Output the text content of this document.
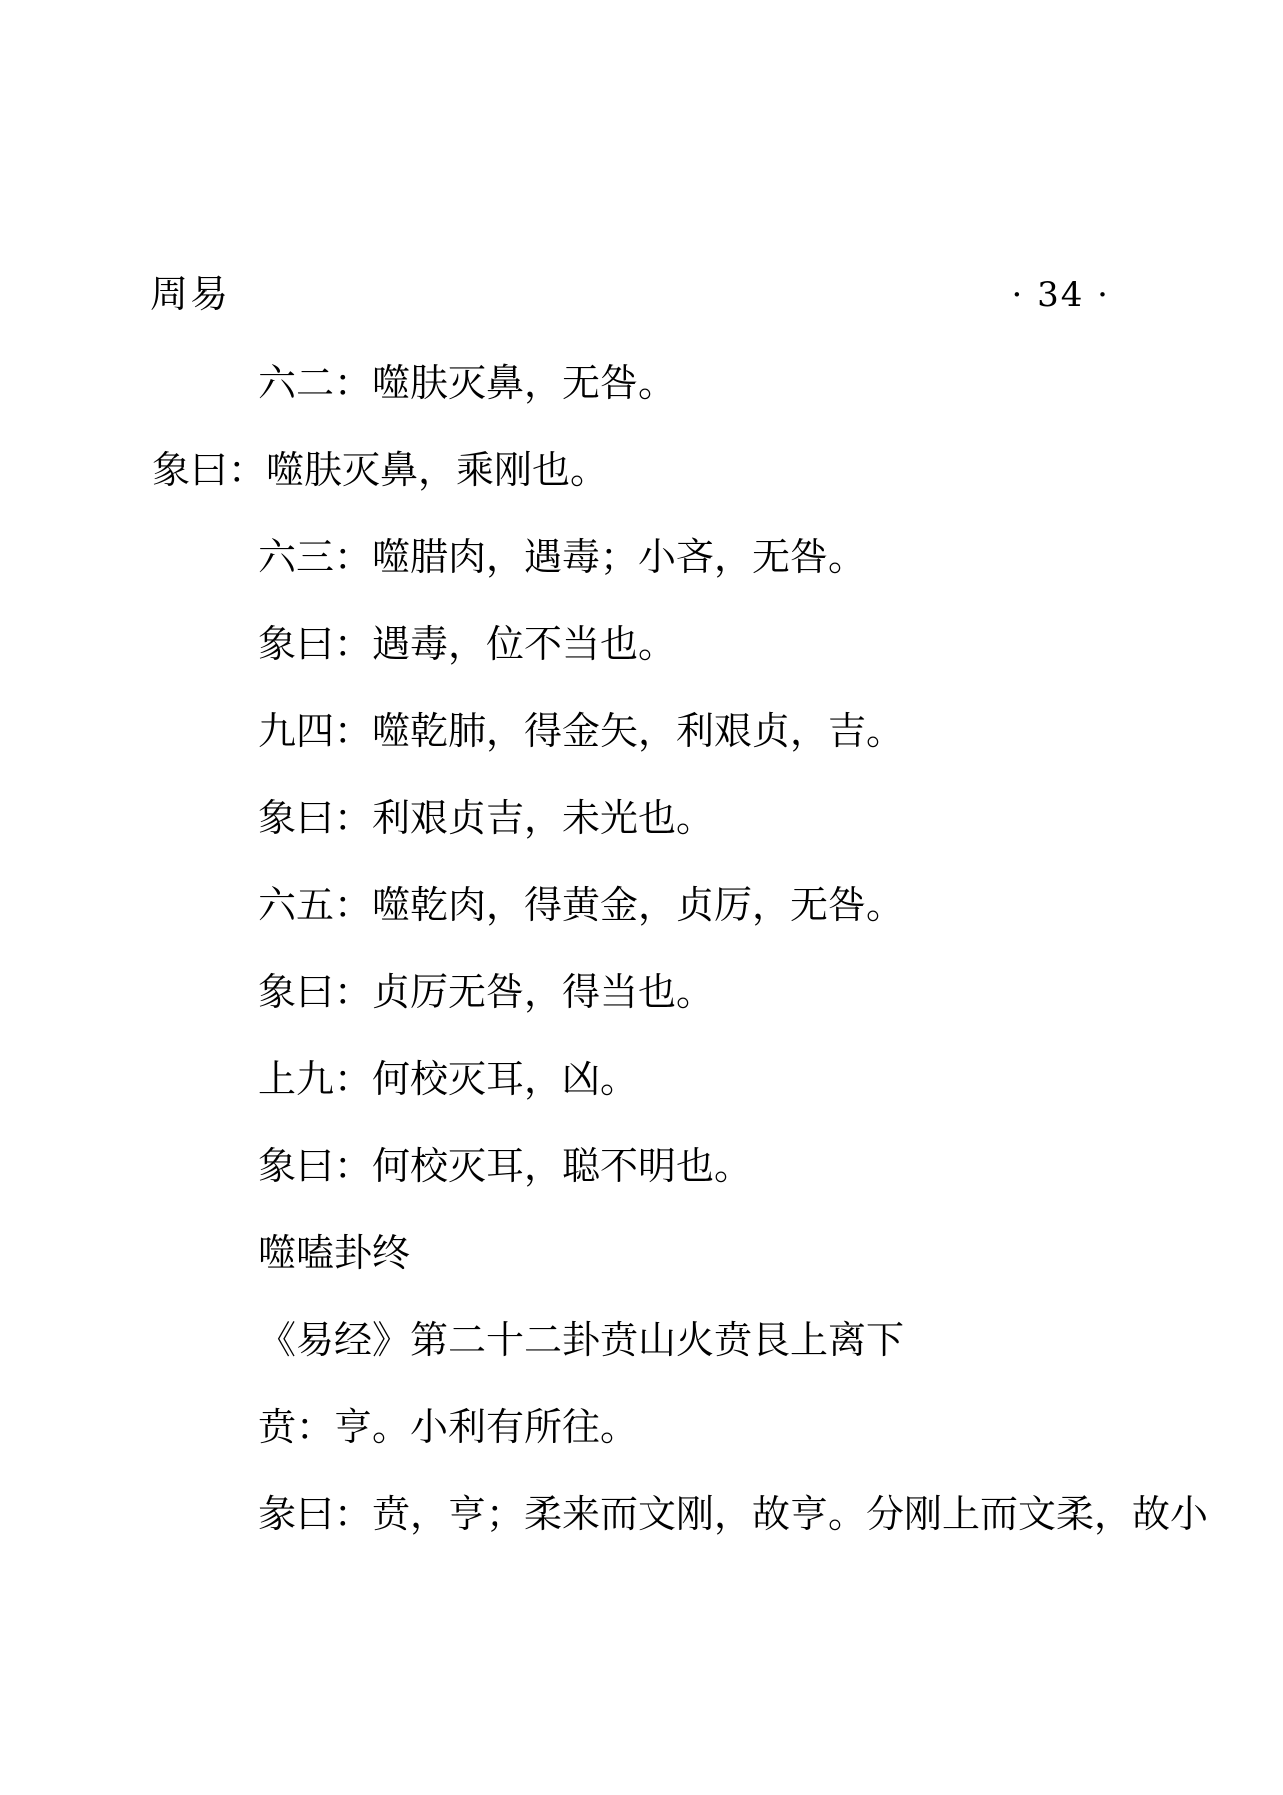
周易	· 34 ·
六二：噬肤灭鼻，无咎。
象曰：噬肤灭鼻，乘刚也。
六三：噬腊肉，遇毒；小吝，无咎。
象曰：遇毒，位不当也。
九四：噬乾肺，得金矢，利艰贞，吉。
象曰：利艰贞吉，未光也。
六五：噬乾肉，得黄金，贞厉，无咎。
象曰：贞厉无咎，得当也。
上九：何校灭耳，凶。
象曰：何校灭耳，聪不明也。
噬嗑卦终
《易经》第二十二卦贲山火贲艮上离下
贲：亨。小利有所往。
彖曰：贲，亨；柔来而文刚，故亨。分刚上而文柔，故小
